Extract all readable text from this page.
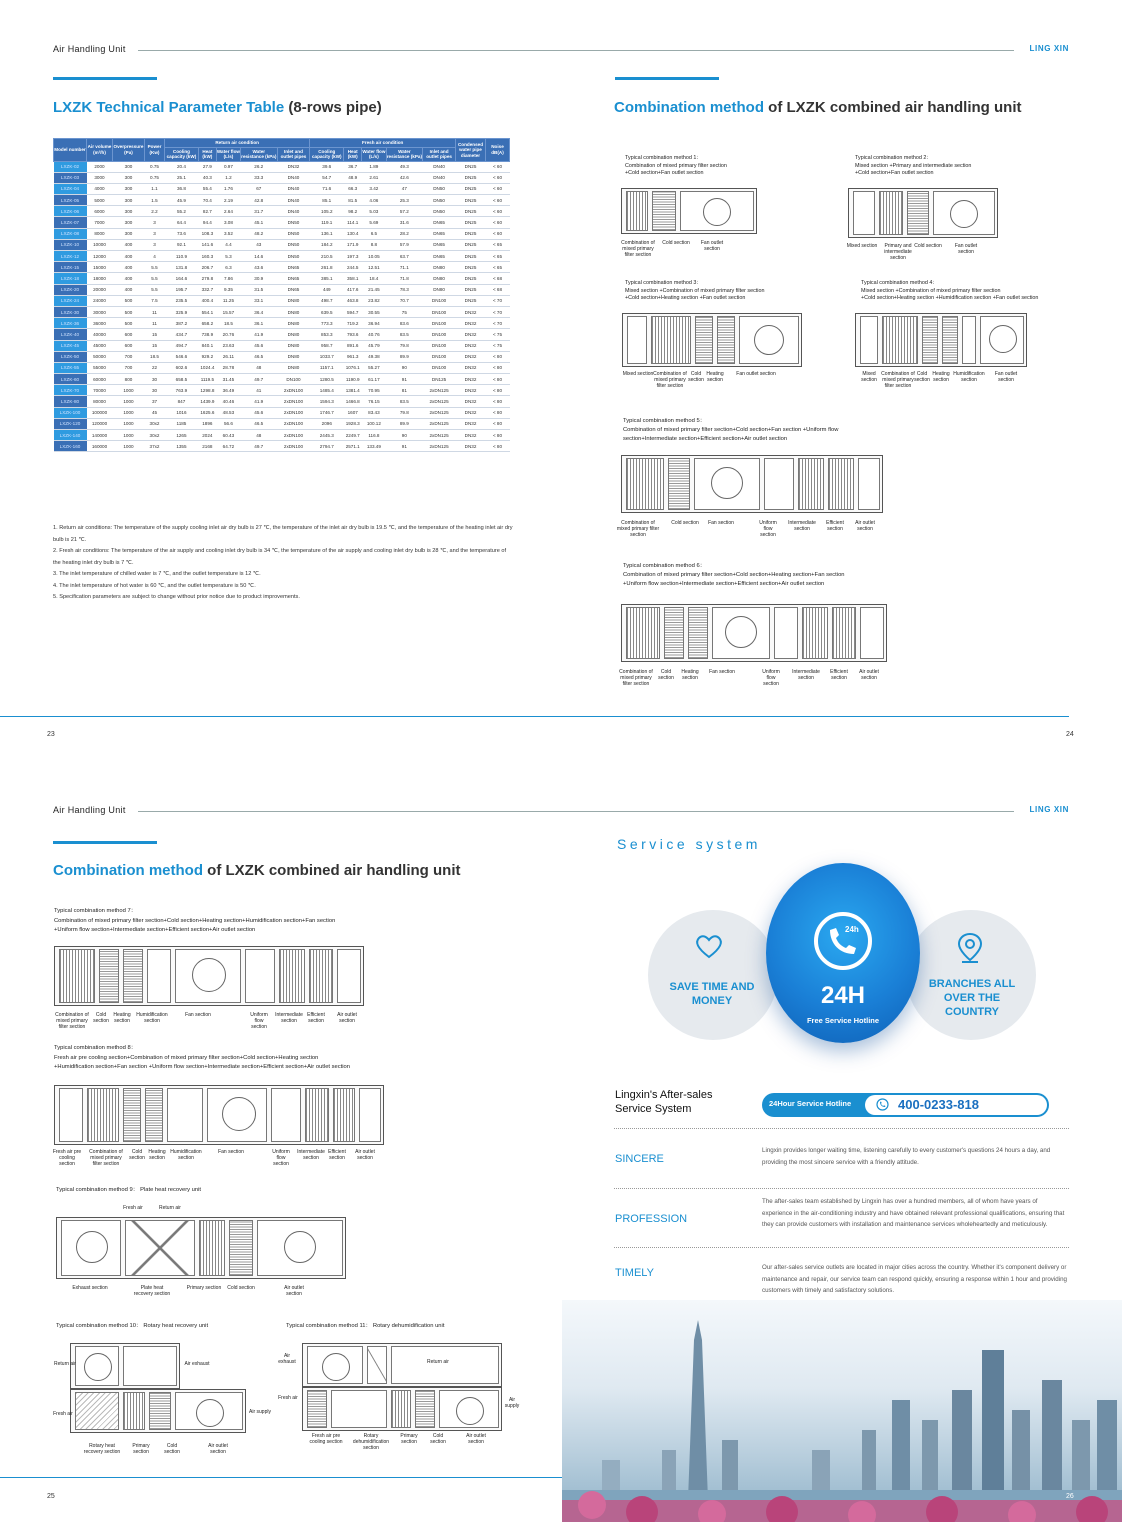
Air Handling Unit	LING XIN
LXZK Technical Parameter Table (8-rows pipe)
Model number	Air volume (m³/h)	Overpressure (Pa)	Power (Kw)	Return air condition					Fresh air condition					Condensed water pipe diameter	Noise dB(A)
				Cooling capacity (kW)	Heat (kW)	Water flow (L/s)	Water resistance (kPa)	Inlet and outlet pipes	Cooling capacity (kW)	Heat (kW)	Water flow (L/s)	Water resistance (kPa)	Inlet and outlet pipes		
LXZK-02	2000	300	0.75	20.4	27.9	0.97	26.2	DN32	39.6	36.7	1.89	49.3	DN40	DN25	< 60
LXZK-03	3000	300	0.75	25.1	40.3	1.2	33.3	DN40	54.7	48.9	2.61	42.6	DN40	DN25	< 60
LXZK-04	4000	300	1.1	36.8	55.4	1.76	67	DN40	71.6	66.3	3.42	47	DN50	DN25	< 60
LXZK-05	5000	300	1.5	45.9	70.4	2.19	42.8	DN40	85.1	81.5	4.06	25.3	DN50	DN25	< 60
LXZK-06	6000	300	2.2	55.2	82.7	2.64	31.7	DN40	105.2	98.2	5.03	57.2	DN50	DN25	< 60
LXZK-07	7000	300	3	64.4	94.4	3.08	45.1	DN50	119.1	114.1	5.69	31.6	DN65	DN25	< 60
LXZK-08	8000	300	3	73.6	108.3	3.52	48.2	DN50	136.1	130.4	6.5	28.2	DN65	DN25	< 60
LXZK-10	10000	400	3	92.1	141.6	4.4	43	DN50	184.2	171.9	8.8	57.9	DN65	DN25	< 65
LXZK-12	12000	400	4	110.9	160.3	5.3	14.6	DN50	210.5	197.3	10.05	63.7	DN65	DN25	< 65
LXZK-15	15000	400	5.5	131.8	206.7	6.3	43.6	DN65	261.8	244.5	12.51	71.1	DN80	DN25	< 65
LXZK-18	18000	400	5.5	164.6	279.8	7.86	30.9	DN65	385.1	358.1	18.4	71.8	DN80	DN25	< 68
LXZK-20	20000	400	5.5	195.7	332.7	9.35	31.5	DN65	449	417.6	21.45	78.3	DN80	DN25	< 68
LXZK-24	24000	500	7.5	235.5	400.4	11.25	33.1	DN80	498.7	463.8	23.82	70.7	DN100	DN25	< 70
LXZK-30	30000	500	11	325.9	554.1	15.57	36.4	DN80	639.5	594.7	30.55	75	DN100	DN32	< 70
LXZK-36	36000	500	11	387.2	658.2	18.5	36.1	DN80	773.3	719.2	36.94	83.6	DN100	DN32	< 70
LXZK-40	40000	600	15	434.7	738.9	20.76	41.9	DN80	853.3	793.6	40.76	83.5	DN100	DN32	< 75
LXZK-45	45000	600	15	494.7	840.1	23.63	45.6	DN80	958.7	891.6	45.79	79.8	DN100	DN32	< 75
LXZK-50	50000	700	18.5	546.6	929.2	26.11	46.5	DN80	1033.7	961.3	49.38	89.9	DN100	DN32	< 80
LXZK-55	55000	700	22	602.6	1024.4	28.78	48	DN80	1157.1	1076.1	55.27	90	DN100	DN32	< 80
LXZK-60	60000	800	30	658.5	1119.5	31.45	49.7	DN100	1280.5	1190.9	61.17	91	DN125	DN32	< 80
LXZK-70	70000	1000	30	763.9	1298.8	36.49	41	2xDN100	1485.4	1381.4	70.95	81	2xDN125	DN32	< 80
LXZK-80	80000	1000	37	847	1439.9	40.46	41.9	2xDN100	1594.3	1466.8	76.15	83.5	2xDN125	DN32	< 80
LXZK-100	100000	1000	45	1016	1625.6	48.53	45.6	2xDN100	1746.7	1607	83.43	79.8	2xDN125	DN32	< 80
LXZK-120	120000	1000	30x2	1185	1896	56.6	46.5	2xDN100	2096	1928.3	100.12	89.9	2xDN125	DN32	< 80
LXZK-140	140000	1000	30x2	1265	2024	60.43	48	2xDN100	2445.3	2249.7	116.8	90	2xDN125	DN32	< 80
LXZK-160	160000	1000	37x2	1355	2168	64.72	49.7	2xDN100	2794.7	2571.1	133.49	91	2xDN125	DN32	< 80

1. Return air conditions: The temperature of the supply cooling inlet air dry bulb is 27 ℃, the temperature of the inlet air dry bulb is 19.5 ℃, and the temperature of the heating inlet air dry bulb is 21 ℃.

2. Fresh air conditions: The temperature of the air supply and cooling inlet dry bulb is 34 ℃, the temperature of the air supply and cooling inlet dry bulb is 28 ℃, and the temperature of the heating inlet dry bulb is 7 ℃.

3. The inlet temperature of chilled water is 7 ℃, and the outlet temperature is 12 ℃.

4. The inlet temperature of hot water is 60 ℃, and the outlet temperature is 50 ℃.

5. Specification parameters are subject to change without prior notice due to product improvements.

Combination method of LXZK combined air handling unit
Typical combination method 1：
Combination of mixed primary filter section
+Cold section+Fan outlet section
Combination of mixed primary filter section
Cold section	Fan outlet section
Typical combination method 2：
Mixed section +Primary and intermediate section
+Cold section+Fan outlet section
Mixed section	Primary and intermediate section
Cold section	Fan outlet section
Typical combination method 3：
Mixed section +Combination of mixed primary filter section
+Cold section+Heating section +Fan outlet section
Mixed section Combination of mixed primary filter section
Cold section
Heating section
Fan outlet section
Typical combination method 4：
Mixed section +Combination of mixed primary filter section
+Cold section+Heating section +Humidification section +Fan outlet section
Mixed section
Combination of mixed primary filter section
Cold section
Heating section
Humidification section
Fan outlet section
Typical combination method 5：
Combination of mixed primary filter section+Cold section+Fan section +Uniform flow
section+Intermediate section+Efficient section+Air outlet section
Combination of mixed primary filter section
Cold section	Fan section	Uniform flow section
Intermediate section
Efficient section
Air outlet section
Typical combination method 6：
Combination of mixed primary filter section+Cold section+Heating section+Fan section
+Uniform flow section+Intermediate section+Efficient section+Air outlet section
Combination of mixed primary filter section
Cold section
Heating section
Fan section	Uniform flow section
Intermediate section
Efficient section
Air outlet section
23	24
Air Handling Unit	LING XIN
Combination method of LXZK combined air handling unit
Typical combination method 7：
Combination of mixed primary filter section+Cold section+Heating section+Humidification section+Fan section
+Uniform flow section+Intermediate section+Efficient section+Air outlet section
Combination of mixed primary filter section
Cold section
Heating section
Humidification section
Fan section	Uniform flow section
Intermediate section
Efficient section
Air outlet section
Typical combination method 8：
Fresh air pre cooling section+Combination of mixed primary filter section+Cold section+Heating section
+Humidification section+Fan section +Uniform flow section+Intermediate section+Efficient section+Air outlet section
Fresh air pre cooling section
Combination of mixed primary filter section
Cold section
Heating section
Humidification section
Fan section	Uniform flow section
Intermediate section
Efficient section
Air outlet section
Typical combination method 9： Plate heat recovery unit
Fresh air	Return air
Exhaust section	Plate heat recovery section
Primary section Cold section	Air outlet section
Typical combination method 10： Rotary heat recovery unit
Return air
Fresh air
Air exhaust
Air supply
Rotary heat recovery section
Primary section
Cold section
Air outlet section
Typical combination method 11： Rotary dehumidification unit
Air exhaust	Return air
Fresh air	Air supply
Fresh air pre cooling section
Rotary dehumidification section
Primary section
Cold section
Air outlet section
25
Service system
SAVE TIME AND MONEY
BRANCHES ALL OVER THE COUNTRY
24h
24H
Free Service Hotline
Lingxin's After-sales
Service System	24Hour Service Hotline	400-0233-818
SINCERE
Lingxin provides longer waiting time, listening carefully to every customer's questions 24 hours a day, and providing the most sincere service with a friendly attitude.
PROFESSION
The after-sales team established by Lingxin has over a hundred members, all of whom have years of experience in the air-conditioning industry and have obtained relevant professional qualifications, ensuring that they can provide customers with installation and maintenance services wholeheartedly and meticulously.
TIMELY	Our after-sales service outlets are located in major cities across the country. Whether it's component delivery or maintenance and repair, our service team can respond quickly, ensuring a response within 1 hour and providing customers with timely and satisfactory solutions.
26
